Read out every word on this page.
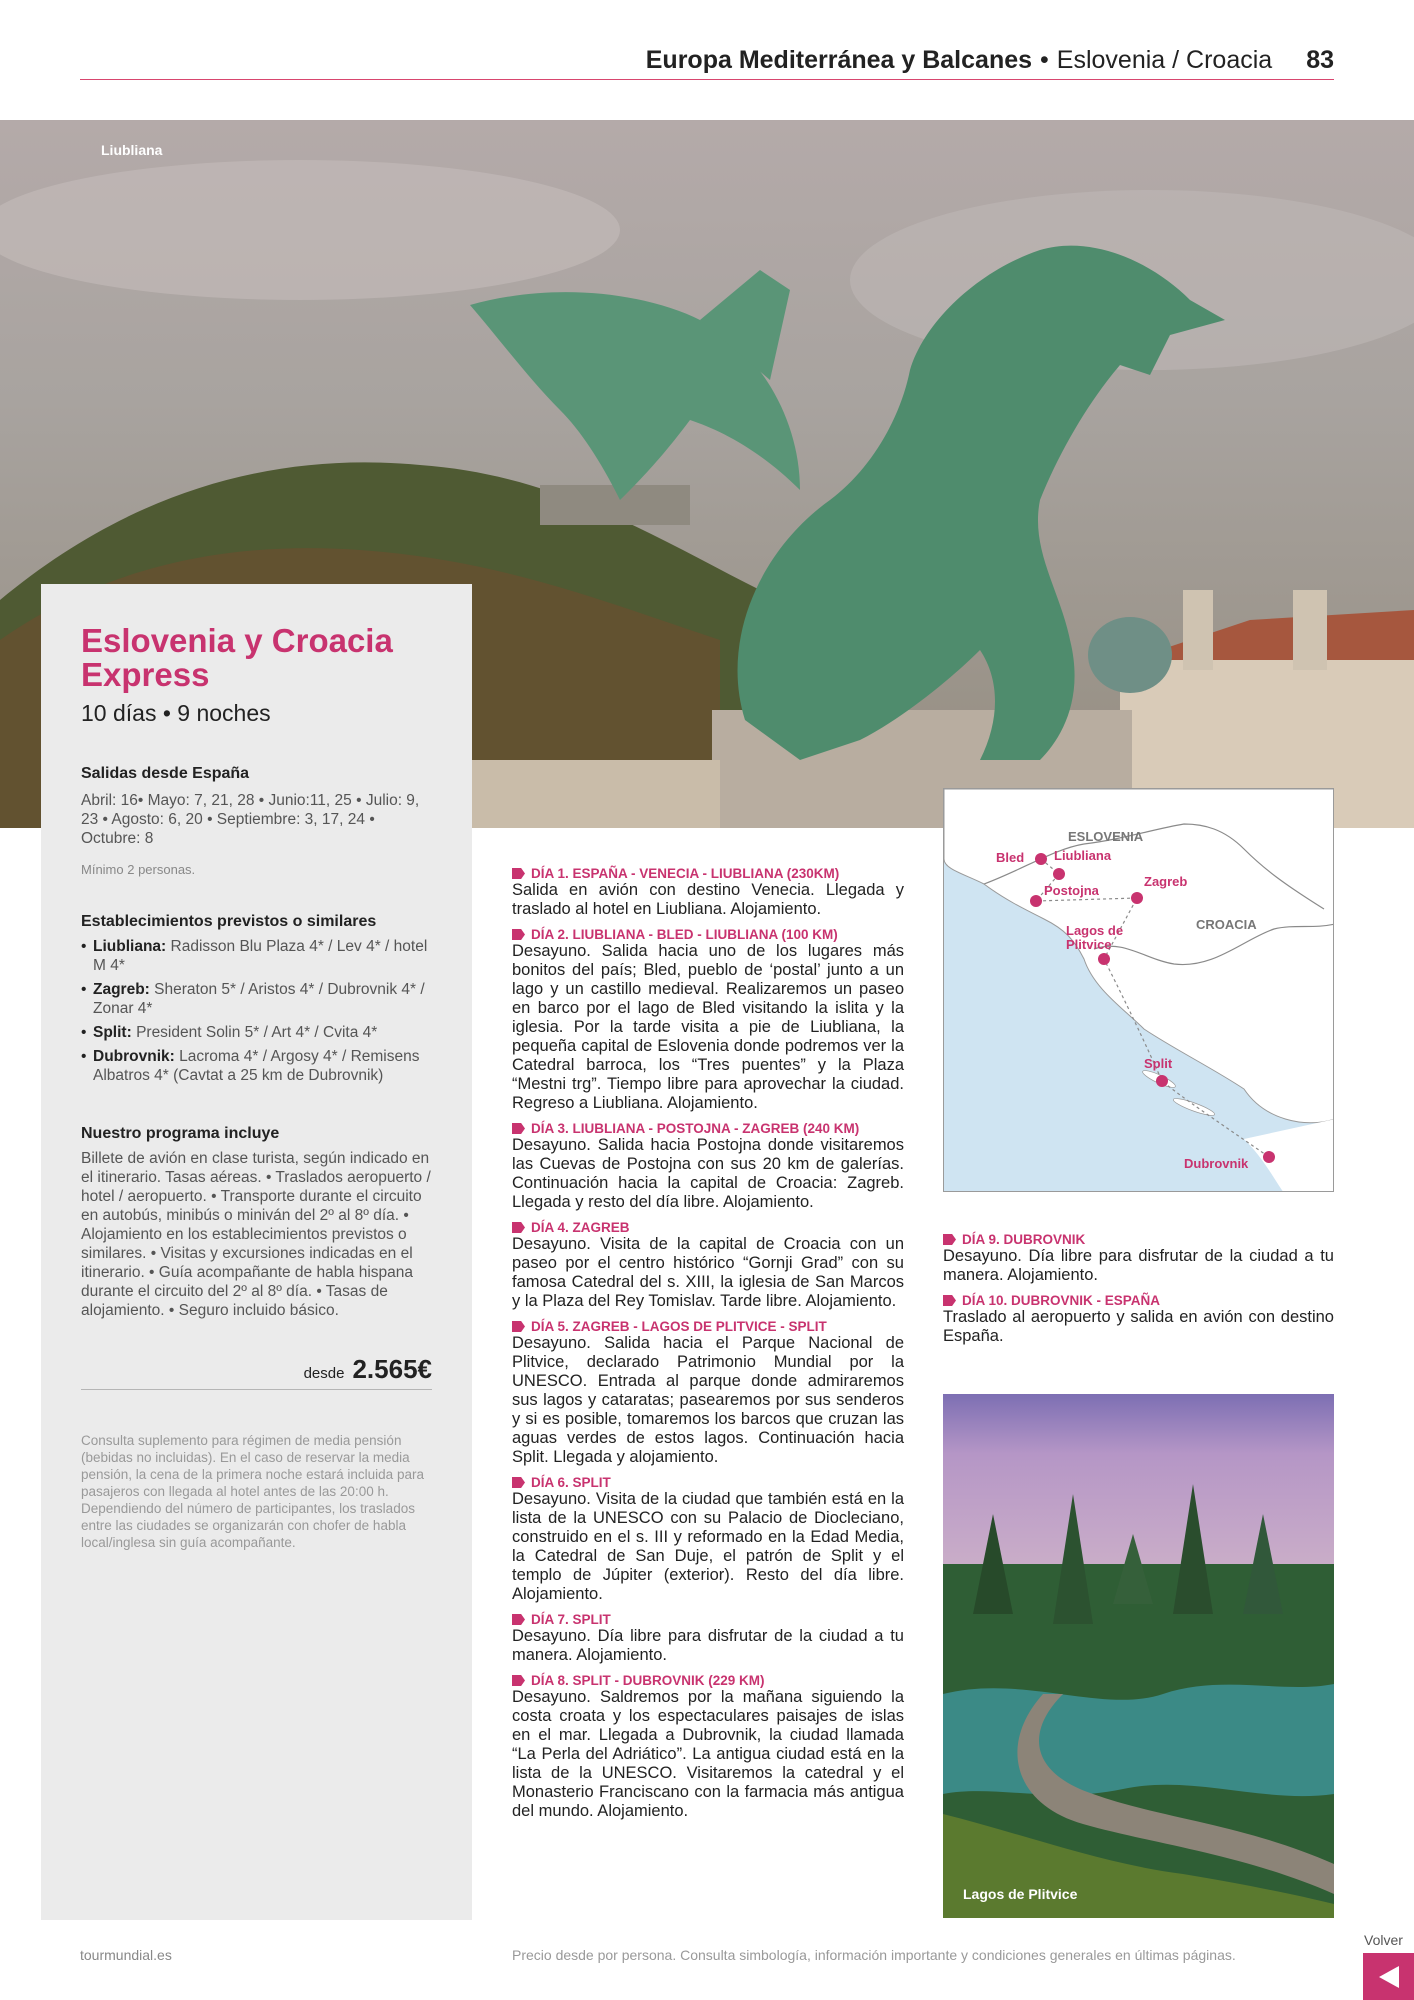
Europa Mediterránea y Balcanes • Eslovenia / Croacia 83
Liubliana
Eslovenia y Croacia Express
10 días • 9 noches
Salidas desde España

Abril: 16• Mayo: 7, 21, 28 • Junio:11, 25 • Julio: 9, 23 • Agosto: 6, 20 • Septiembre: 3, 17, 24 • Octubre: 8

Mínimo 2 personas.

Establecimientos previstos o similares
• Liubliana: Radisson Blu Plaza 4* / Lev 4* / hotel M 4*
• Zagreb: Sheraton 5* / Aristos 4* / Dubrovnik 4* / Zonar 4*
• Split: President Solin 5* / Art 4* / Cvita 4*
• Dubrovnik: Lacroma 4* / Argosy 4* / Remisens Albatros 4* (Cavtat a 25 km de Dubrovnik)
Nuestro programa incluye

Billete de avión en clase turista, según indicado en el itinerario. Tasas aéreas. • Traslados aeropuerto / hotel / aeropuerto. • Transporte durante el circuito en autobús, minibús o miniván del 2º al 8º día. • Alojamiento en los establecimientos previstos o similares. • Visitas y excursiones indicadas en el itinerario. • Guía acompañante de habla hispana durante el circuito del 2º al 8º día. • Tasas de alojamiento. • Seguro incluido básico.

desde 2.565€

Consulta suplemento para régimen de media pensión (bebidas no incluidas). En el caso de reservar la media pensión, la cena de la primera noche estará incluida para pasajeros con llegada al hotel antes de las 20:00 h. Dependiendo del número de participantes, los traslados entre las ciudades se organizarán con chofer de habla local/inglesa sin guía acompañante.

DÍA 1. ESPAÑA - VENECIA - LIUBLIANA (230KM)
Salida en avión con destino Venecia. Llegada y traslado al hotel en Liubliana. Alojamiento.
DÍA 2. LIUBLIANA - BLED - LIUBLIANA (100 KM)
Desayuno. Salida hacia uno de los lugares más bonitos del país; Bled, pueblo de ‘postal’ junto a un lago y un castillo medieval. Realizaremos un paseo en barco por el lago de Bled visitando la islita y la iglesia. Por la tarde visita a pie de Liubliana, la pequeña capital de Eslovenia donde podremos ver la Catedral barroca, los “Tres puentes” y la Plaza “Mestni trg”. Tiempo libre para aprovechar la ciudad. Regreso a Liubliana. Alojamiento.
DÍA 3. LIUBLIANA - POSTOJNA - ZAGREB (240 KM)
Desayuno. Salida hacia Postojna donde visitaremos las Cuevas de Postojna con sus 20 km de galerías. Continuación hacia la capital de Croacia: Zagreb. Llegada y resto del día libre. Alojamiento.
DÍA 4. ZAGREB
Desayuno. Visita de la capital de Croacia con un paseo por el centro histórico “Gornji Grad” con su famosa Catedral del s. XIII, la iglesia de San Marcos y la Plaza del Rey Tomislav. Tarde libre. Alojamiento.
DÍA 5. ZAGREB - LAGOS DE PLITVICE - SPLIT
Desayuno. Salida hacia el Parque Nacional de Plitvice, declarado Patrimonio Mundial por la UNESCO. Entrada al parque donde admiraremos sus lagos y cataratas; pasearemos por sus senderos y si es posible, tomaremos los barcos que cruzan las aguas verdes de estos lagos. Continuación hacia Split. Llegada y alojamiento.
DÍA 6. SPLIT
Desayuno. Visita de la ciudad que también está en la lista de la UNESCO con su Palacio de Diocleciano, construido en el s. III y reformado en la Edad Media, la Catedral de San Duje, el patrón de Split y el templo de Júpiter (exterior). Resto del día libre. Alojamiento.
DÍA 7. SPLIT
Desayuno. Día libre para disfrutar de la ciudad a tu manera. Alojamiento.
DÍA 8. SPLIT - DUBROVNIK (229 KM)
Desayuno. Saldremos por la mañana siguiendo la costa croata y los espectaculares paisajes de islas en el mar. Llegada a Dubrovnik, la ciudad llamada “La Perla del Adriático”. La antigua ciudad está en la lista de la UNESCO. Visitaremos la catedral y el Monasterio Franciscano con la farmacia más antigua del mundo. Alojamiento.
ESLOVENIA
CROACIA
Bled Liubliana
Postojna
Zagreb
Lagos de Plitvice
Split
Dubrovnik
DÍA 9. DUBROVNIK
Desayuno. Día libre para disfrutar de la ciudad a tu manera. Alojamiento.
DÍA 10. DUBROVNIK - ESPAÑA
Traslado al aeropuerto y salida en avión con destino España.
Lagos de Plitvice
tourmundial.es	Precio desde por persona. Consulta simbología, información importante y condiciones generales en últimas páginas.
Volver
